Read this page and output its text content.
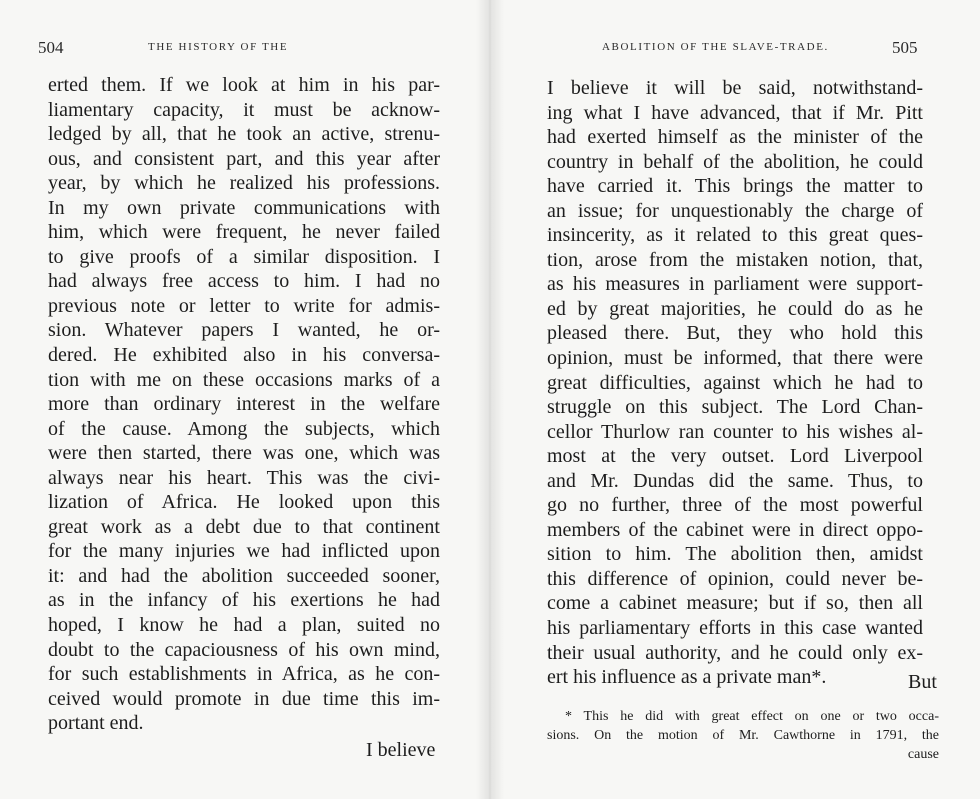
504	THE HISTORY OF THE
erted them. If we look at him in his par-
liamentary capacity, it must be acknow-
ledged by all, that he took an active, strenu-
ous, and consistent part, and this year after
year, by which he realized his professions.
In my own private communications with
him, which were frequent, he never failed
to give proofs of a similar disposition. I
had always free access to him. I had no
previous note or letter to write for admis-
sion. Whatever papers I wanted, he or-
dered. He exhibited also in his conversa-
tion with me on these occasions marks of a
more than ordinary interest in the welfare
of the cause. Among the subjects, which
were then started, there was one, which was
always near his heart. This was the civi-
lization of Africa. He looked upon this
great work as a debt due to that continent
for the many injuries we had inflicted upon
it: and had the abolition succeeded sooner,
as in the infancy of his exertions he had
hoped, I know he had a plan, suited no
doubt to the capaciousness of his own mind,
for such establishments in Africa, as he con-
ceived would promote in due time this im-
portant end.
I believe
ABOLITION OF THE SLAVE-TRADE.	505
I believe it will be said, notwithstand-
ing what I have advanced, that if Mr. Pitt
had exerted himself as the minister of the
country in behalf of the abolition, he could
have carried it. This brings the matter to
an issue; for unquestionably the charge of
insincerity, as it related to this great ques-
tion, arose from the mistaken notion, that,
as his measures in parliament were support-
ed by great majorities, he could do as he
pleased there. But, they who hold this
opinion, must be informed, that there were
great difficulties, against which he had to
struggle on this subject. The Lord Chan-
cellor Thurlow ran counter to his wishes al-
most at the very outset. Lord Liverpool
and Mr. Dundas did the same. Thus, to
go no further, three of the most powerful
members of the cabinet were in direct oppo-
sition to him. The abolition then, amidst
this difference of opinion, could never be-
come a cabinet measure; but if so, then all
his parliamentary efforts in this case wanted
their usual authority, and he could only ex-
ert his influence as a private man*.	But
* This he did with great effect on one or two occa-
sions. On the motion of Mr. Cawthorne in 1791, the
cause
